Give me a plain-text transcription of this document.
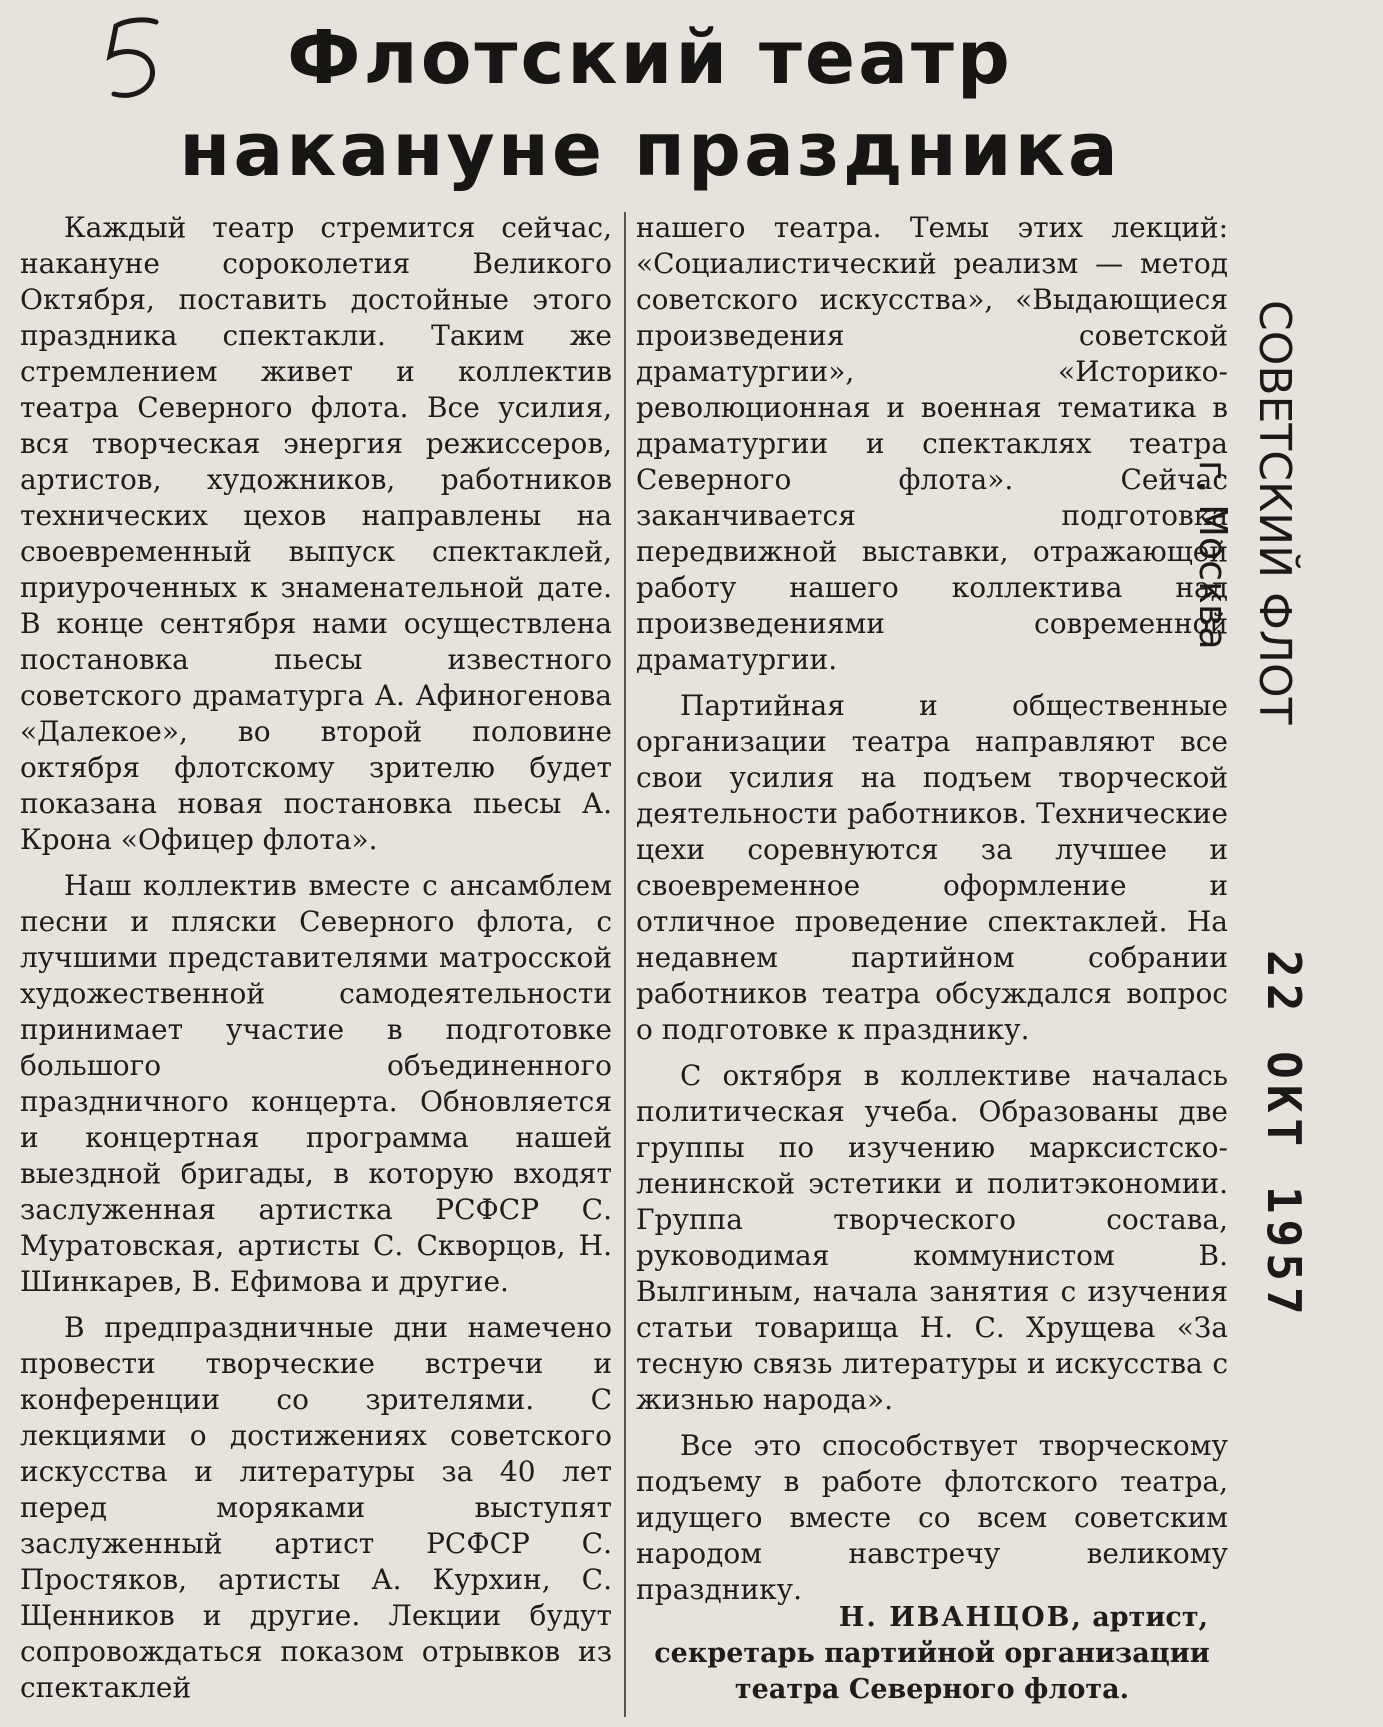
Флотский театр
накануне праздника

Каждый театр стремится сейчас, накануне сороколетия Великого Октября, поставить достойные этого праздника спектакли. Таким же стремлением живет и коллектив театра Северного флота. Все усилия, вся творческая энергия режиссеров, артистов, художников, работников технических цехов направлены на своевременный выпуск спектаклей, приуроченных к знаменательной дате. В конце сентября нами осуществлена постановка пьесы известного советского драматурга А. Афиногенова «Далекое», во второй половине октября флотскому зрителю будет показана новая постановка пьесы А. Крона «Офицер флота».

Наш коллектив вместе с ансамблем песни и пляски Северного флота, с лучшими представителями матросской художественной самодеятельности принимает участие в подготовке большого объединенного праздничного концерта. Обновляется и концертная программа нашей выездной бригады, в которую входят заслуженная артистка РСФСР С. Муратовская, артисты С. Скворцов, Н. Шинкарев, В. Ефимова и другие.

В предпраздничные дни намечено провести творческие встречи и конференции со зрителями. С лекциями о достижениях советского искусства и литературы за 40 лет перед моряками выступят заслуженный артист РСФСР С. Простяков, артисты А. Курхин, С. Щенников и другие. Лекции будут сопровождаться показом отрывков из спектаклей

нашего театра. Темы этих лекций: «Социалистический реализм — метод советского искусства», «Выдающиеся произведения советской драматургии», «Историко-революционная и военная тематика в драматургии и спектаклях театра Северного флота». Сейчас заканчивается подготовка передвижной выставки, отражающей работу нашего коллектива над произведениями современной драматургии.

Партийная и общественные организации театра направляют все свои усилия на подъем творческой деятельности работников. Технические цехи соревнуются за лучшее и своевременное оформление и отличное проведение спектаклей. На недавнем партийном собрании работников театра обсуждался вопрос о подготовке к празднику.

С октября в коллективе началась политическая учеба. Образованы две группы по изучению марксистско-ленинской эстетики и политэкономии. Группа творческого состава, руководимая коммунистом В. Вылгиным, начала занятия с изучения статьи товарища Н. С. Хрущева «За тесную связь литературы и искусства с жизнью народа».

Все это способствует творческому подъему в работе флотского театра, идущего вместе со всем советским народом навстречу великому празднику.

Н. ИВАНЦОВ, артист,
секретарь партийной организации
театра Северного флота.
СОВЕТСКИЙ ФЛОТ
г. Москва
22 ОКТ 1957
